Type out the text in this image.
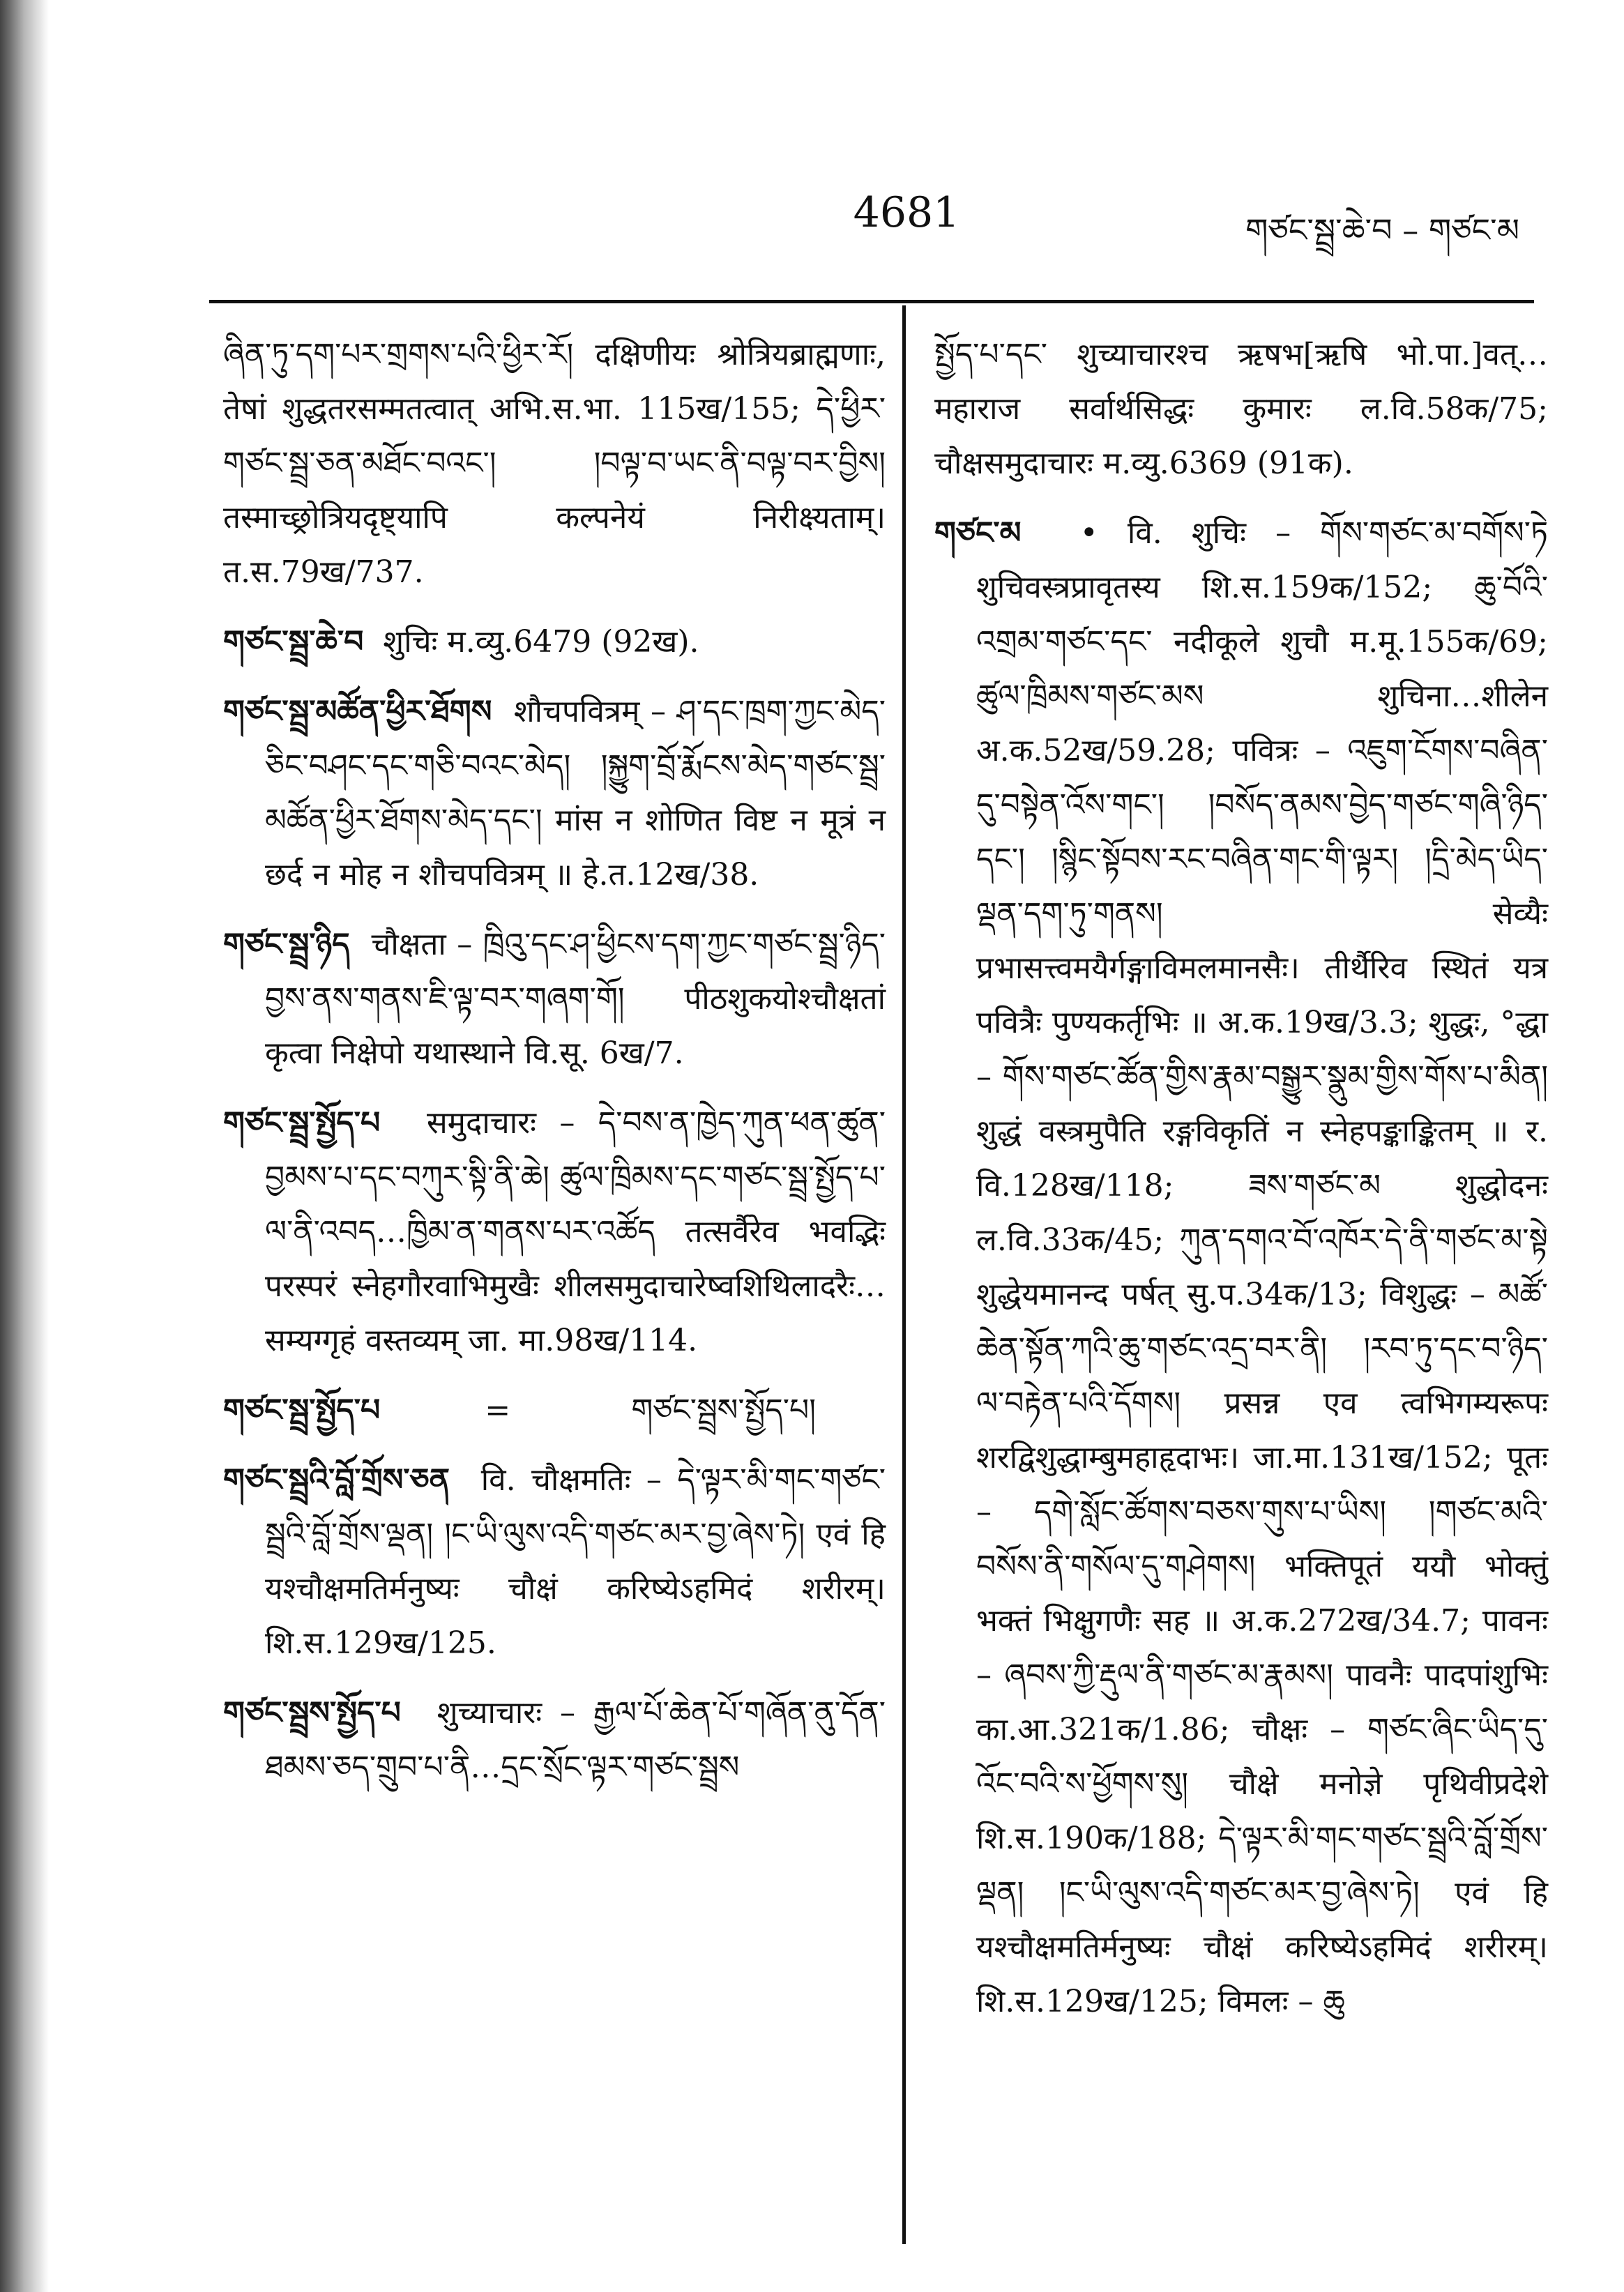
4681	གཙང་སྦྲ་ཆེ་བ – གཙང་མ

ཞིན་ཏུ་དག་པར་གྲགས་པའི་ཕྱིར་རོ། दक्षिणीयः श्रोत्रियब्राह्मणाः, तेषां शुद्धतरसम्मतत्वात् अभि.स.भा. 115ख/155; དེ་ཕྱིར་གཙང་སྦྲ་ཅན་མཐོང་བའང་། །བལྟ་བ་ཡང་ནི་བལྟ་བར་བྱིས། तस्माच्छ्रोत्रियदृष्ट्यापि कल्पनेयं निरीक्ष्यताम्। त.स.79ख/737.

གཙང་སྦྲ་ཆེ་བ शुचिः म.व्यु.6479 (92ख).

གཙང་སྦྲ་མཚོན་ཕྱིར་ཐོགས शौचपवित्रम् – ཤ་དང་ཁྲག་ཀྱང་མེད་ཅིང་བཤང་དང་གཅི་བའང་མེད། །སྐྱུག་བྲོ་རྨོངས་མེད་གཙང་སྦྲ་མཚོན་ཕྱིར་ཐོགས་མེད་དང་། मांस न शोणित विष्ट न मूत्रं न छर्द न मोह न शौचपवित्रम् ॥ हे.त.12ख/38.

གཙང་སྦྲ་ཉིད चौक्षता – ཁྲིའུ་དང་ཤ་ཕྱིངས་དག་ཀྱང་གཙང་སྦྲ་ཉིད་བྱས་ནས་གནས་ཇི་ལྟ་བར་གཞག་གོ། पीठशुकयोश्चौक्षतां कृत्वा निक्षेपो यथास्थाने वि.सू. 6ख/7.

གཙང་སྦྲ་སྤྱོད་པ समुदाचारः – དེ་བས་ན་ཁྱེད་ཀུན་ཕན་ཚུན་བྱམས་པ་དང་བཀུར་སྟི་ནི་ཆེ། ཚུལ་ཁྲིམས་དང་གཙང་སྦྲ་སྤྱོད་པ་ལ་ནི་འབད…ཁྱིམ་ན་གནས་པར་འཚོད तत्सर्वैरेव भवद्भिः परस्परं स्नेहगौरवाभिमुखैः शीलसमुदाचारेष्वशिथिलादरैः…सम्यग्गृहं वस्तव्यम् जा. मा.98ख/114.

གཙང་སྦྲ་སྤྱོད་པ	=	གཙང་སྦྲས་སྤྱོད་པ།

གཙང་སྦྲའི་བློ་གྲོས་ཅན वि. चौक्षमतिः – དེ་ལྟར་མི་གང་གཙང་སྦྲའི་བློ་གྲོས་ལྡན། །ང་ཡི་ལུས་འདི་གཙང་མར་བྱ་ཞེས་ཏེ། एवं हि यश्चौक्षमतिर्मनुष्यः चौक्षं करिष्येऽहमिदं शरीरम्। शि.स.129ख/125.

གཙང་སྦྲས་སྤྱོད་པ शुच्याचारः – རྒྱལ་པོ་ཆེན་པོ་གཞོན་ནུ་དོན་ཐམས་ཅད་གྲུབ་པ་ནི…དྲང་སྲོང་ལྟར་གཙང་སྦྲས

སྤྱོད་པ་དང་ शुच्याचारश्च ऋषभ[ऋषि भो.पा.]वत्… महाराज सर्वार्थसिद्धः कुमारः ल.वि.58क/75; चौक्षसमुदाचारः म.व्यु.6369 (91क).

གཙང་མ • वि. शुचिः – གོས་གཙང་མ་བགོས་ཏེ शुचिवस्त्रप्रावृतस्य शि.स.159क/152; ཆུ་བོའི་འགྲམ་གཙང་དང་ नदीकूले शुचौ म.मू.155क/69; ཚུལ་ཁྲིམས་གཙང་མས शुचिना…शीलेन अ.क.52ख/59.28; पवित्रः – འཇུག་ངོགས་བཞིན་དུ་བསྟེན་འོས་གང་། །བསོད་ནམས་བྱེད་གཙང་གཞི་ཉིད་དང་། །སྙིང་སྟོབས་རང་བཞིན་གང་གི་ལྟར། །དྲི་མེད་ཡིད་ལྡན་དག་ཏུ་གནས། सेव्यैः प्रभासत्त्वमयैर्गङ्गाविमलमानसैः। तीर्थैरिव स्थितं यत्र पवित्रैः पुण्यकर्तृभिः ॥ अ.क.19ख/3.3; शुद्धः, °द्धा – གོས་གཙང་ཚོན་གྱིས་རྣམ་བསྒྱུར་སྣུམ་གྱིས་གོས་པ་མིན། शुद्धं वस्त्रमुपैति रङ्गविकृतिं न स्नेहपङ्काङ्कितम् ॥ र. वि.128ख/118; ཟས་གཙང་མ शुद्धोदनः ल.वि.33क/45; ཀུན་དགའ་བོ་འཁོར་དེ་ནི་གཙང་མ་སྟེ शुद्धेयमानन्द पर्षत् सु.प.34क/13; विशुद्धः – མཚོ་ཆེན་སྟོན་ཀའི་ཆུ་གཙང་འདྲ་བར་ནི། །རབ་ཏུ་དང་བ་ཉིད་ལ་བརྟེན་པའི་དོགས། प्रसन्न एव त्वभिगम्यरूपः शरद्विशुद्धाम्बुमहाहृदाभः। जा.मा.131ख/152; पूतः – དགེ་སློང་ཚོགས་བཅས་གུས་པ་ཡིས། །གཙང་མའི་བསོས་ནི་གསོལ་དུ་གཤེགས། भक्तिपूतं ययौ भोक्तुं भक्तं भिक्षुगणैः सह ॥ अ.क.272ख/34.7; पावनः – ཞབས་ཀྱི་རྡུལ་ནི་གཙང་མ་རྣམས། पावनैः पादपांशुभिः का.आ.321क/1.86; चौक्षः – གཙང་ཞིང་ཡིད་དུ་འོང་བའི་ས་ཕྱོགས་སུ། चौक्षे मनोज्ञे पृथिवीप्रदेशे शि.स.190क/188; དེ་ལྟར་མི་གང་གཙང་སྦྲའི་བློ་གྲོས་ལྡན། །ང་ཡི་ལུས་འདི་གཙང་མར་བྱ་ཞེས་ཏེ། एवं हि यश्चौक्षमतिर्मनुष्यः चौक्षं करिष्येऽहमिदं शरीरम्। शि.स.129ख/125; विमलः – ཆུ
